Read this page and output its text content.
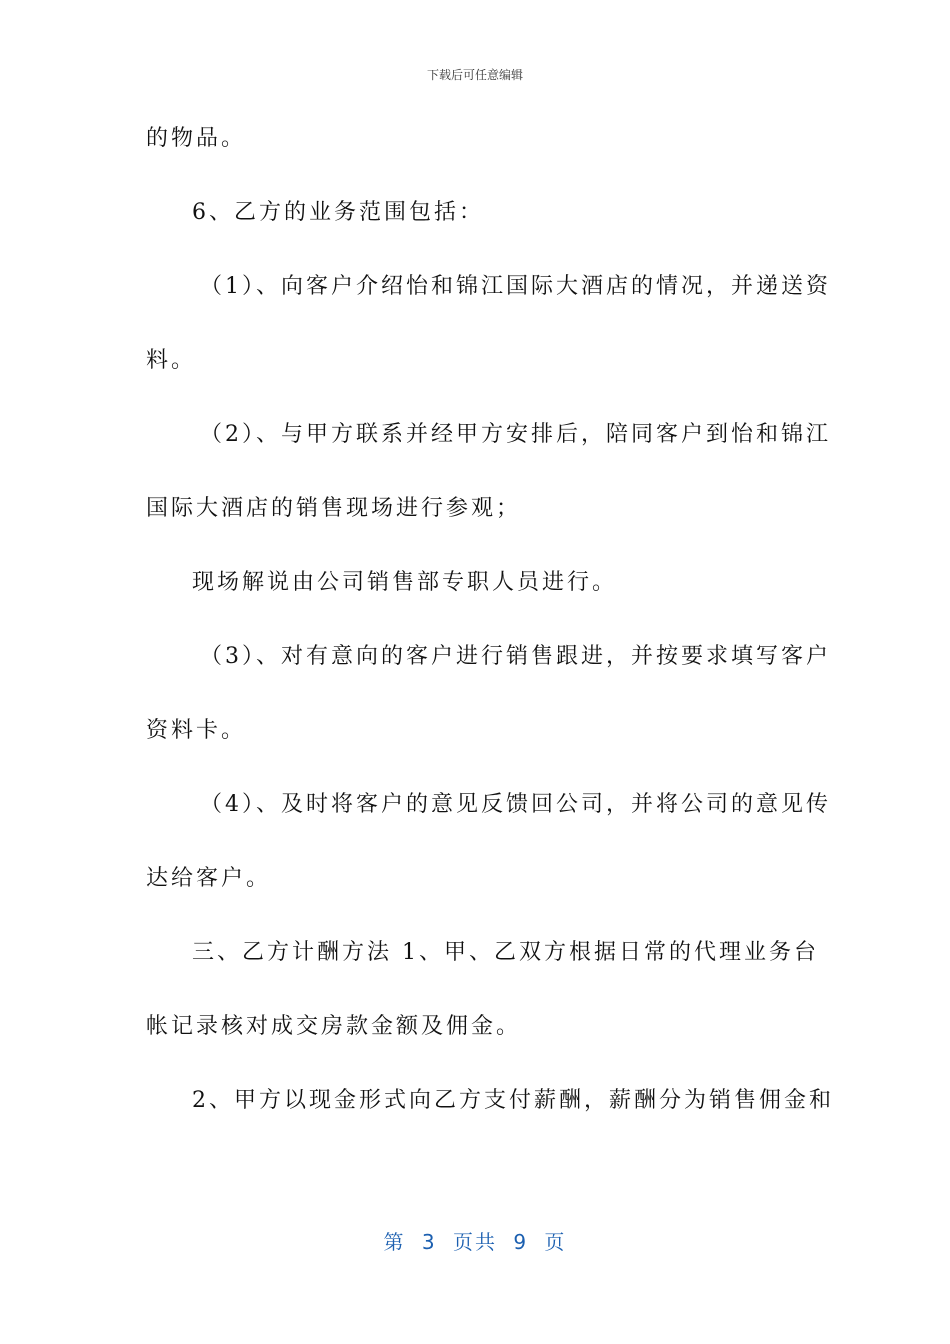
下载后可任意编辑
的物品。
6、乙方的业务范围包括：
（1）、向客户介绍怡和锦江国际大酒店的情况，并递送资
料。
（2）、与甲方联系并经甲方安排后，陪同客户到怡和锦江
国际大酒店的销售现场进行参观；
现场解说由公司销售部专职人员进行。
（3）、对有意向的客户进行销售跟进，并按要求填写客户
资料卡。
（4）、及时将客户的意见反馈回公司，并将公司的意见传
达给客户。
三、乙方计酬方法 1、甲、乙双方根据日常的代理业务台
帐记录核对成交房款金额及佣金。
2、甲方以现金形式向乙方支付薪酬，薪酬分为销售佣金和
第 3 页共 9 页
